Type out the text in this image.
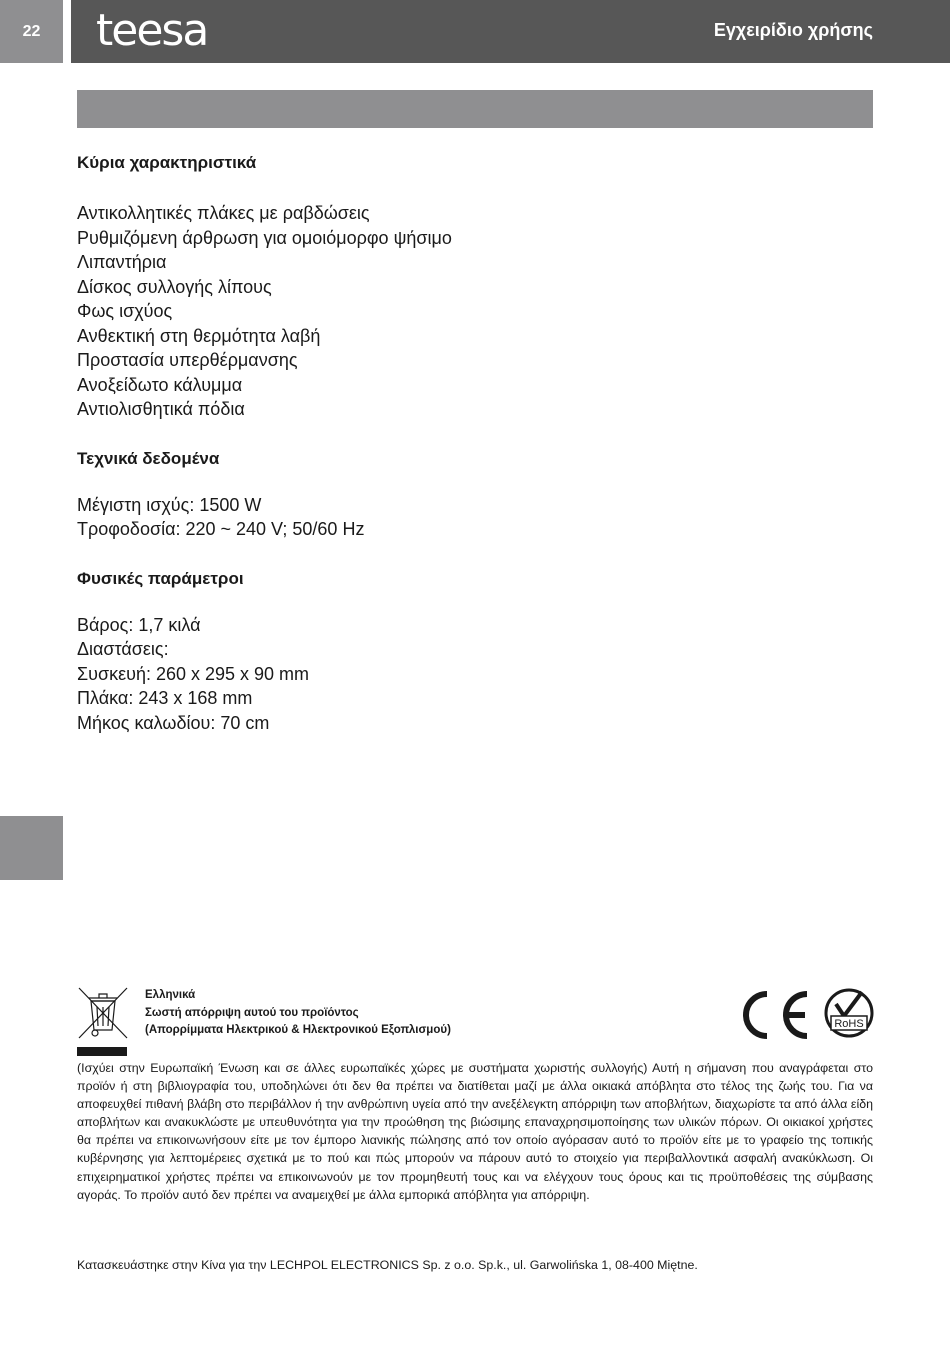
22	teesa	Εγχειρίδιο χρήσης
Κύρια χαρακτηριστικά
Αντικολλητικές πλάκες με ραβδώσεις
Ρυθμιζόμενη άρθρωση για ομοιόμορφο ψήσιμο
Λιπαντήρια
Δίσκος συλλογής λίπους
Φως ισχύος
Ανθεκτική στη θερμότητα λαβή
Προστασία υπερθέρμανσης
Ανοξείδωτο κάλυμμα
Αντιολισθητικά πόδια
Τεχνικά δεδομένα
Μέγιστη ισχύς: 1500 W
Τροφοδοσία: 220 ~ 240 V; 50/60 Hz
Φυσικές παράμετροι
Βάρος: 1,7 κιλά
Διαστάσεις:
Συσκευή: 260 x 295 x 90 mm
Πλάκα: 243 x 168 mm
Μήκος καλωδίου: 70 cm
Ελληνικά
Σωστή απόρριψη αυτού του προϊόντος
(Απορρίμματα Ηλεκτρικού & Ηλεκτρονικού Εξοπλισμού)	RoHS

(Ισχύει στην Ευρωπαϊκή Ένωση και σε άλλες ευρωπαϊκές χώρες με συστήματα χωριστής συλλογής) Αυτή η σήμανση που αναγράφεται στο προϊόν ή στη βιβλιογραφία του, υποδηλώνει ότι δεν θα πρέπει να διατίθεται μαζί με άλλα οικιακά απόβλητα στο τέλος της ζωής του. Για να αποφευχθεί πιθανή βλάβη στο περιβάλλον ή την ανθρώπινη υγεία από την ανεξέλεγκτη απόρριψη των αποβλήτων, διαχωρίστε τα από άλλα είδη αποβλήτων και ανακυκλώστε με υπευθυνότητα για την προώθηση της βιώσιμης επαναχρησιμοποίησης των υλικών πόρων. Οι οικιακοί χρήστες θα πρέπει να επικοινωνήσουν είτε με τον έμπορο λιανικής πώλησης από τον οποίο αγόρασαν αυτό το προϊόν είτε με το γραφείο της τοπικής κυβέρνησης για λεπτομέρειες σχετικά με το πού και πώς μπορούν να πάρουν αυτό το στοιχείο για περιβαλλοντικά ασφαλή ανακύκλωση. Οι επιχειρηματικοί χρήστες πρέπει να επικοινωνούν με τον προμηθευτή τους και να ελέγχουν τους όρους και τις προϋποθέσεις της σύμβασης αγοράς. Το προϊόν αυτό δεν πρέπει να αναμειχθεί με άλλα εμπορικά απόβλητα για απόρριψη.

Κατασκευάστηκε στην Κίνα για την LECHPOL ELECTRONICS Sp. z o.o. Sp.k., ul. Garwolińska 1, 08-400 Miętne.
